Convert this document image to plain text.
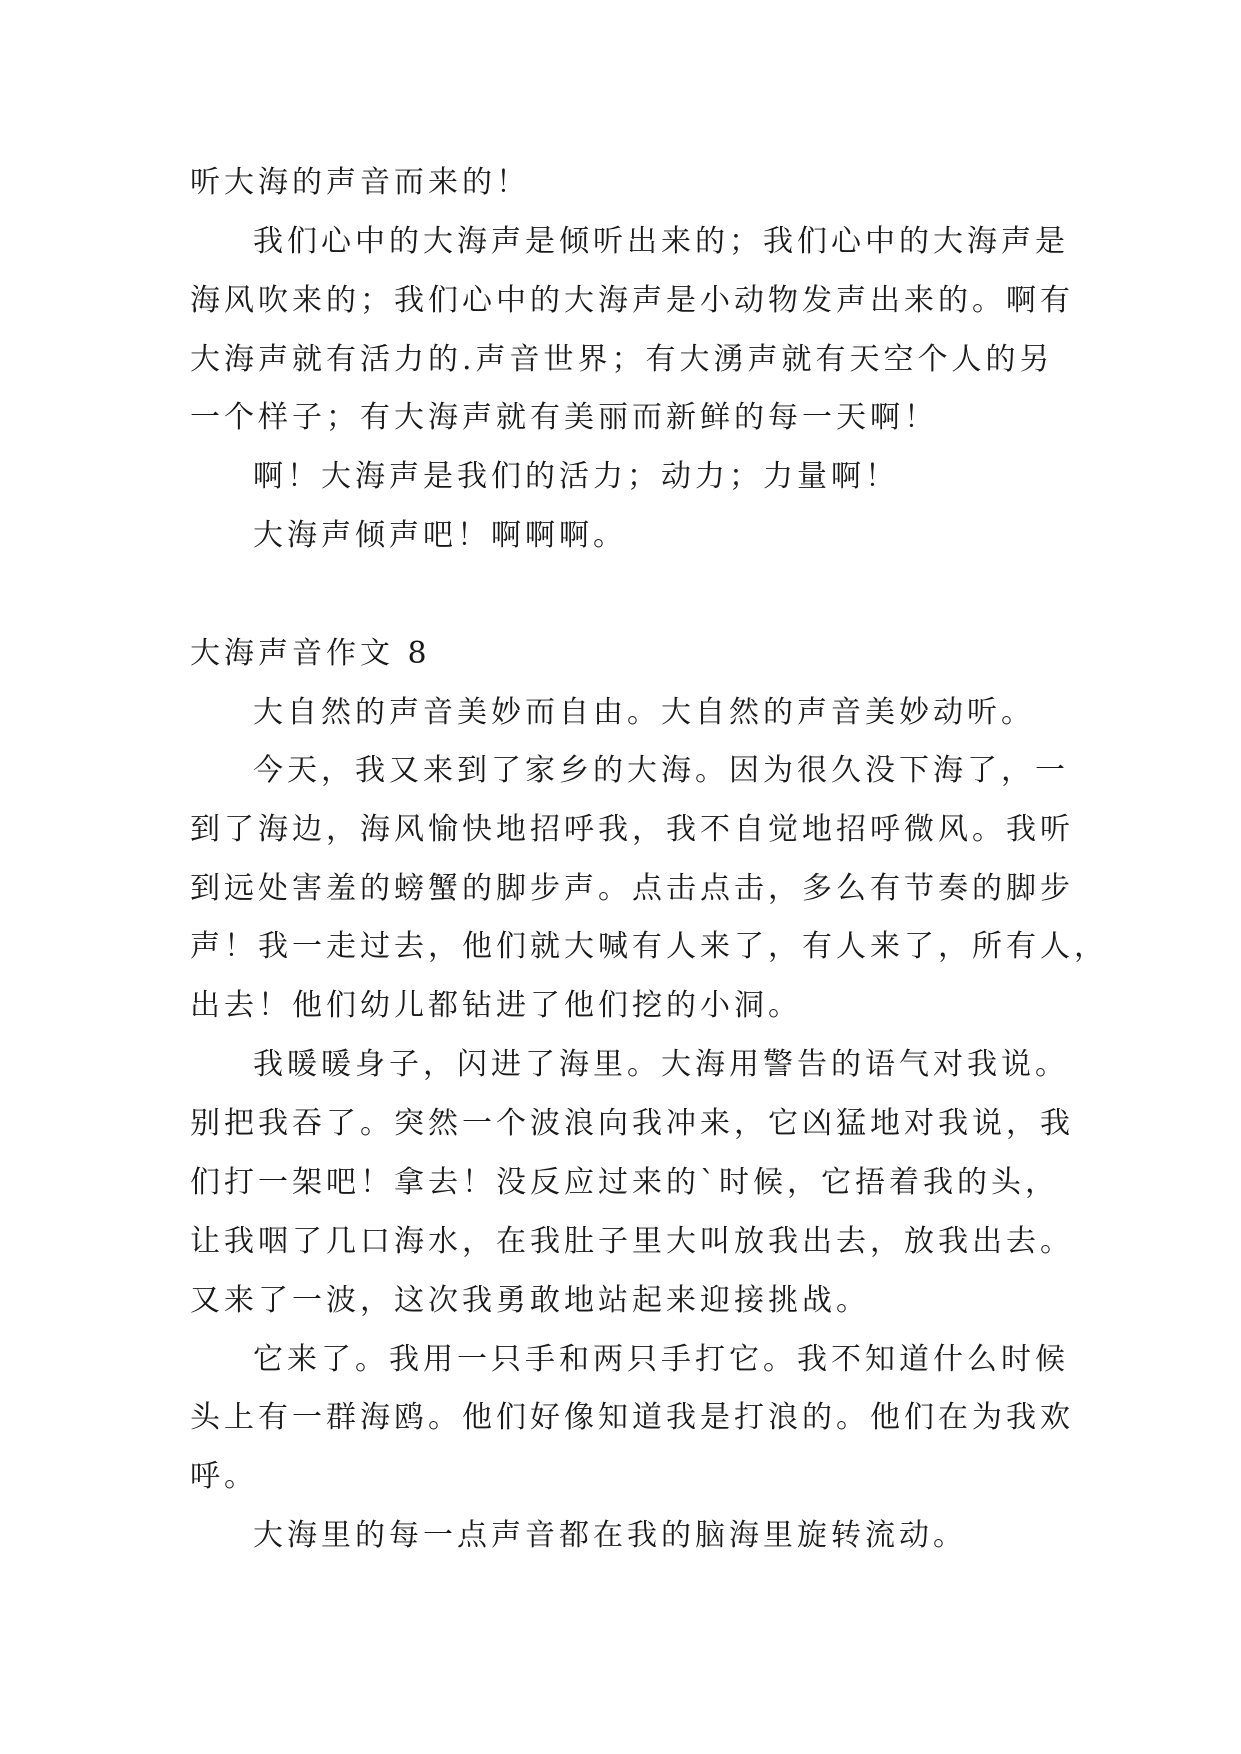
听大海的声音而来的！
我们心中的大海声是倾听出来的；我们心中的大海声是
海风吹来的；我们心中的大海声是小动物发声出来的。啊有
大海声就有活力的.声音世界；有大湧声就有天空个人的另
一个样子；有大海声就有美丽而新鲜的每一天啊！
啊！大海声是我们的活力；动力；力量啊！
大海声倾声吧！啊啊啊。
大海声音作文 8
大自然的声音美妙而自由。大自然的声音美妙动听。
今天，我又来到了家乡的大海。因为很久没下海了，一
到了海边，海风愉快地招呼我，我不自觉地招呼微风。我听
到远处害羞的螃蟹的脚步声。点击点击，多么有节奏的脚步
声！我一走过去，他们就大喊有人来了，有人来了，所有人，
出去！他们幼儿都钻进了他们挖的小洞。
我暖暖身子，闪进了海里。大海用警告的语气对我说。
别把我吞了。突然一个波浪向我冲来，它凶猛地对我说，我
们打一架吧！拿去！没反应过来的`时候，它捂着我的头，
让我咽了几口海水，在我肚子里大叫放我出去，放我出去。
又来了一波，这次我勇敢地站起来迎接挑战。
它来了。我用一只手和两只手打它。我不知道什么时候
头上有一群海鸥。他们好像知道我是打浪的。他们在为我欢
呼。
大海里的每一点声音都在我的脑海里旋转流动。
